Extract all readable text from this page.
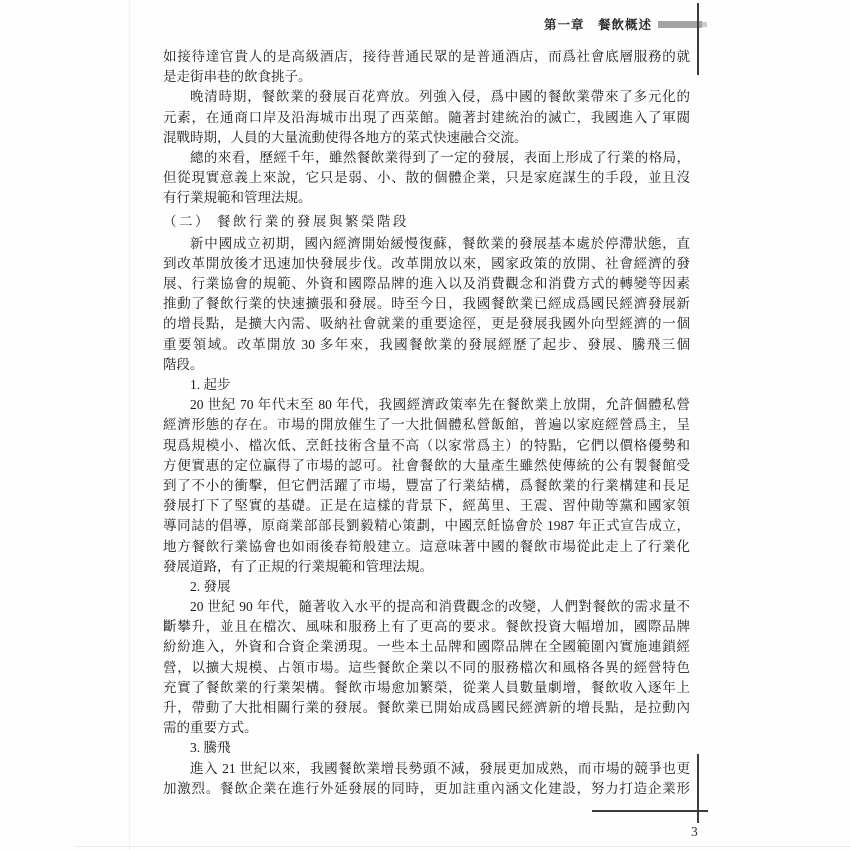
第一章　餐飲概述
如接待達官貴人的是高級酒店，接待普通民眾的是普通酒店，而爲社會底層服務的就
是走街串巷的飲食挑子。
晚清時期，餐飲業的發展百花齊放。列強入侵，爲中國的餐飲業帶來了多元化的
元素，在通商口岸及沿海城市出現了西菜館。隨著封建統治的滅亡，我國進入了軍閥
混戰時期，人員的大量流動使得各地方的菜式快速融合交流。
總的來看，歷經千年，雖然餐飲業得到了一定的發展，表面上形成了行業的格局，
但從現實意義上來說，它只是弱、小、散的個體企業，只是家庭謀生的手段，並且沒
有行業規範和管理法規。
（二） 餐飲行業的發展與繁榮階段
新中國成立初期，國內經濟開始緩慢復蘇，餐飲業的發展基本處於停滯狀態，直
到改革開放後才迅速加快發展步伐。改革開放以來，國家政策的放開、社會經濟的發
展、行業協會的規範、外資和國際品牌的進入以及消費觀念和消費方式的轉變等因素
推動了餐飲行業的快速擴張和發展。時至今日，我國餐飲業已經成爲國民經濟發展新
的增長點，是擴大內需、吸納社會就業的重要途徑，更是發展我國外向型經濟的一個
重要領域。改革開放 30 多年來，我國餐飲業的發展經歷了起步、發展、騰飛三個
階段。
1. 起步
20 世紀 70 年代末至 80 年代，我國經濟政策率先在餐飲業上放開，允許個體私營
經濟形態的存在。市場的開放催生了一大批個體私營飯館，普遍以家庭經營爲主，呈
現爲規模小、檔次低、烹飪技術含量不高（以家常爲主）的特點，它們以價格優勢和
方便實惠的定位贏得了市場的認可。社會餐飲的大量產生雖然使傳統的公有製餐館受
到了不小的衝擊，但它們活躍了市場，豐富了行業結構，爲餐飲業的行業構建和長足
發展打下了堅實的基礎。正是在這樣的背景下，經萬里、王震、習仲勛等黨和國家領
導同誌的倡導，原商業部部長劉毅精心策劃，中國烹飪協會於 1987 年正式宣告成立，
地方餐飲行業協會也如雨後春筍般建立。這意味著中國的餐飲市場從此走上了行業化
發展道路，有了正規的行業規範和管理法規。
2. 發展
20 世紀 90 年代，隨著收入水平的提高和消費觀念的改變，人們對餐飲的需求量不
斷攀升，並且在檔次、風味和服務上有了更高的要求。餐飲投資大幅增加，國際品牌
紛紛進入，外資和合資企業湧現。一些本土品牌和國際品牌在全國範圍內實施連鎖經
營，以擴大規模、占領市場。這些餐飲企業以不同的服務檔次和風格各異的經營特色
充實了餐飲業的行業架構。餐飲市場愈加繁榮，從業人員數量劇增，餐飲收入逐年上
升，帶動了大批相關行業的發展。餐飲業已開始成爲國民經濟新的增長點，是拉動內
需的重要方式。
3. 騰飛
進入 21 世紀以來，我國餐飲業增長勢頭不減，發展更加成熟，而市場的競爭也更
加激烈。餐飲企業在進行外延發展的同時，更加註重內涵文化建設，努力打造企業形
3
